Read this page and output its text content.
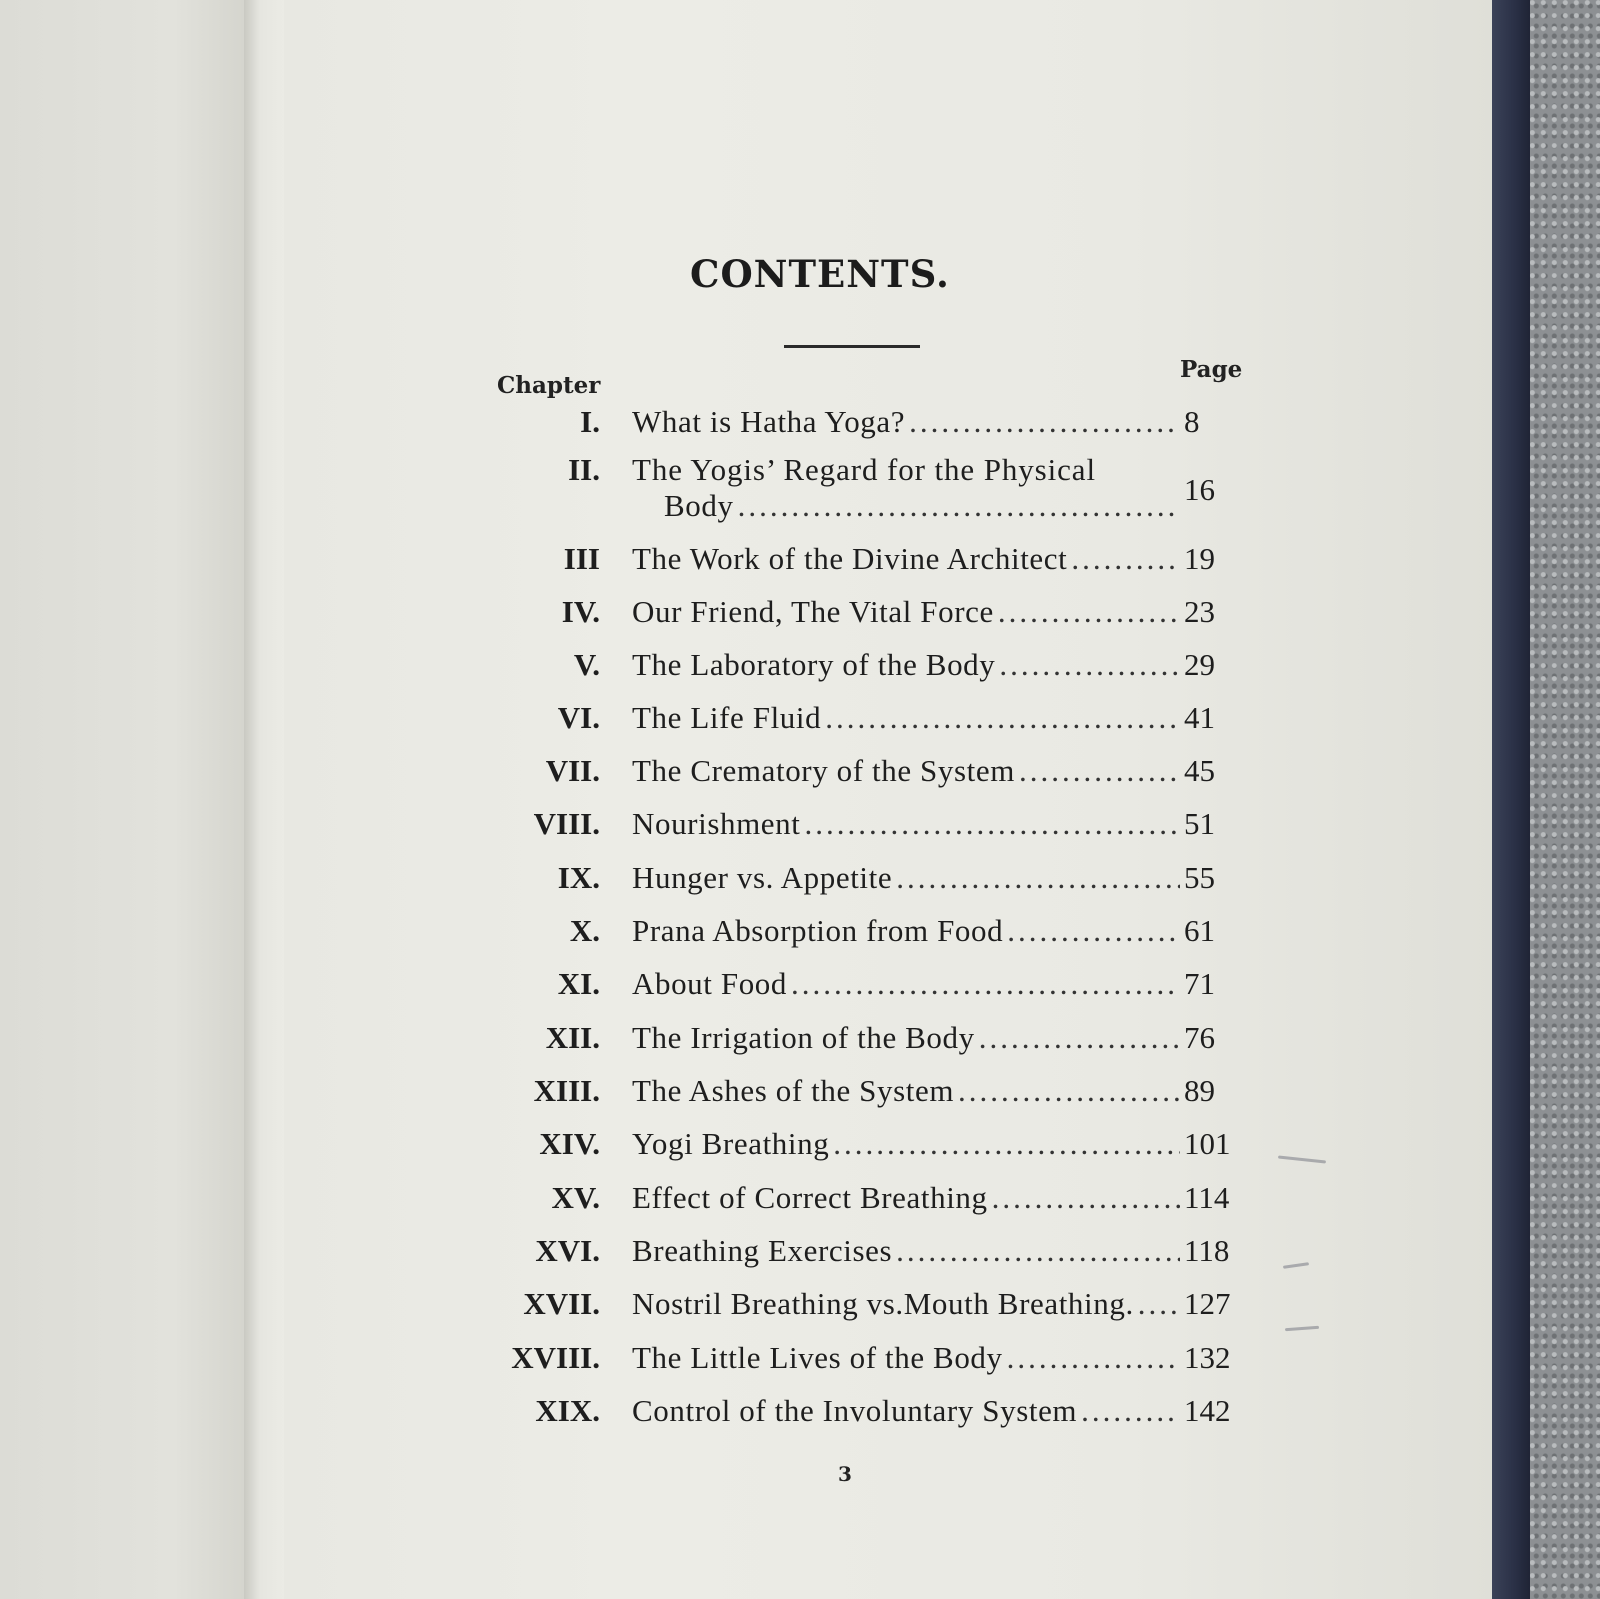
CONTENTS.
Chapter
Page
I. What is Hatha Yoga? .....	8
II. The Yogis’ Regard for the Physical
Body .....	16
III The Work of the Divine Architect .....	19
IV. Our Friend, The Vital Force .....	23
V. The Laboratory of the Body .....	29
VI. The Life Fluid .....	41
VII. The Crematory of the System .....	45
VIII. Nourishment .....	51
IX. Hunger vs. Appetite .....	55
X. Prana Absorption from Food .....	61
XI. About Food .....	71
XII. The Irrigation of the Body .....	76
XIII. The Ashes of the System .....	89
XIV. Yogi Breathing .....	101
XV. Effect of Correct Breathing .....	114
XVI. Breathing Exercises .....	118
XVII. Nostril Breathing vs.Mouth Breathing. ..... 127
XVIII. The Little Lives of the Body .....	132
XIX. Control of the Involuntary System .....	142
3
